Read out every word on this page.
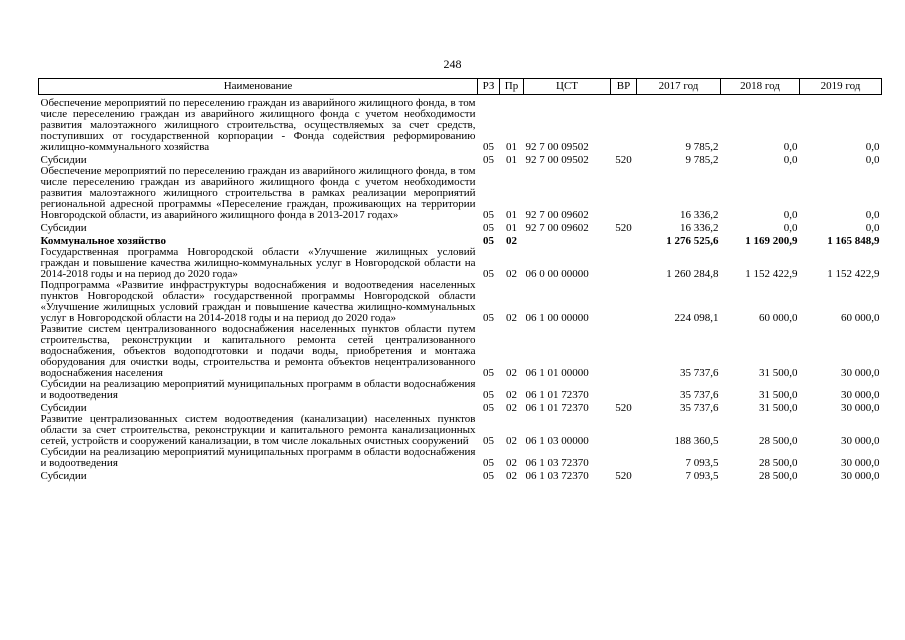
248
Наименование	РЗ	Пр	ЦСТ	ВР	2017 год	2018 год	2019 год

Обеспечение мероприятий по переселению граждан из аварийного жилищного фонда, в том числе переселению граждан из аварийного жилищного фонда с учетом необходимости развития малоэтажного жилищного строительства, осуществляемых за счет средств, поступивших от государственной корпорации - Фонда содействия реформированию жилищно-коммунального хозяйства	05	01	92 7 00 09502		9 785,2	0,0	0,0
Субсидии	05	01	92 7 00 09502	520	9 785,2	0,0	0,0
Обеспечение мероприятий по переселению граждан из аварийного жилищного фонда, в том числе переселению граждан из аварийного жилищного фонда с учетом необходимости развития малоэтажного жилищного строительства в рамках реализации мероприятий региональной адресной программы «Переселение граждан, проживающих на территории Новгородской области, из аварийного жилищного фонда в 2013-2017 годах»	05	01	92 7 00 09602		16 336,2	0,0	0,0
Субсидии	05	01	92 7 00 09602	520	16 336,2	0,0	0,0
Коммунальное хозяйство	05	02			1 276 525,6	1 169 200,9	1 165 848,9
Государственная программа Новгородской области «Улучшение жилищных условий граждан и повышение качества жилищно-коммунальных услуг в Новгородской области на 2014-2018 годы и на период до 2020 года»	05	02	06 0 00 00000		1 260 284,8	1 152 422,9	1 152 422,9
Подпрограмма «Развитие инфраструктуры водоснабжения и водоотведения населенных пунктов Новгородской области» государственной программы Новгородской области «Улучшение жилищных условий граждан и повышение качества жилищно-коммунальных услуг в Новгородской области на 2014-2018 годы и на период до 2020 года»	05	02	06 1 00 00000		224 098,1	60 000,0	60 000,0
Развитие систем централизованного водоснабжения населенных пунктов области путем строительства, реконструкции и капитального ремонта сетей централизованного водоснабжения, объектов водоподготовки и подачи воды, приобретения и монтажа оборудования для очистки воды, строительства и ремонта объектов нецентрализованного водоснабжения населения	05	02	06 1 01 00000		35 737,6	31 500,0	30 000,0
Субсидии на реализацию мероприятий муниципальных программ в области водоснабжения и водоотведения	05	02	06 1 01 72370		35 737,6	31 500,0	30 000,0
Субсидии	05	02	06 1 01 72370	520	35 737,6	31 500,0	30 000,0
Развитие централизованных систем водоотведения (канализации) населенных пунктов области за счет строительства, реконструкции и капитального ремонта канализационных сетей, устройств и сооружений канализации, в том числе локальных очистных сооружений	05	02	06 1 03 00000		188 360,5	28 500,0	30 000,0
Субсидии на реализацию мероприятий муниципальных программ в области водоснабжения и водоотведения	05	02	06 1 03 72370		7 093,5	28 500,0	30 000,0
Субсидии	05	02	06 1 03 72370	520	7 093,5	28 500,0	30 000,0
